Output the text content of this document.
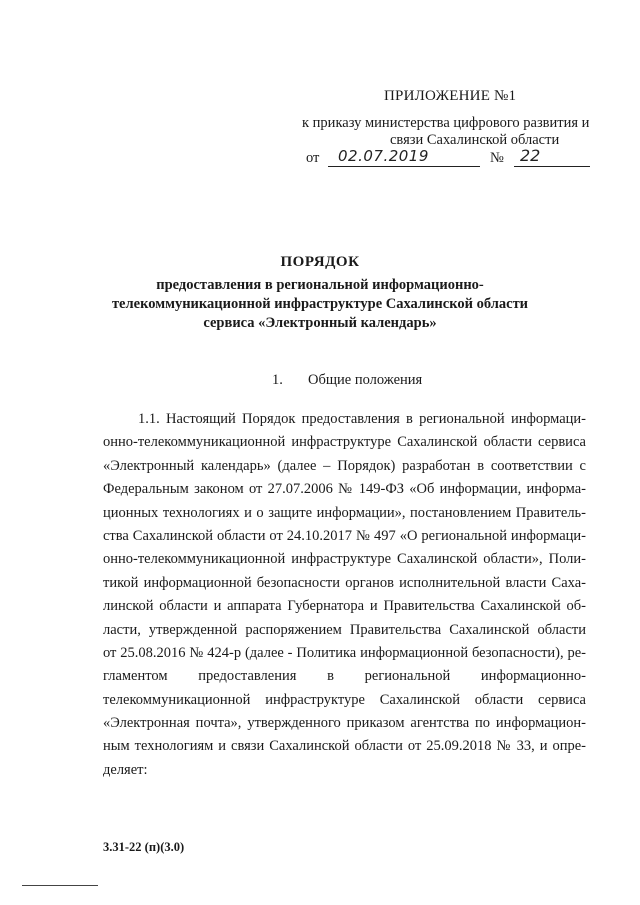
ПРИЛОЖЕНИЕ №1
к приказу министерства цифрового развития и
связи Сахалинской области
от 02.07.2019	№ 22
ПОРЯДОК
предоставления в региональной информационно-
телекоммуникационной инфраструктуре Сахалинской области
сервиса «Электронный календарь»
1. Общие положения
1.1. Настоящий Порядок предоставления в региональной информаци-
онно-телекоммуникационной инфраструктуре Сахалинской области сервиса
«Электронный календарь» (далее – Порядок) разработан в соответствии с
Федеральным законом от 27.07.2006 № 149-ФЗ «Об информации, информа-
ционных технологиях и о защите информации», постановлением Правитель-
ства Сахалинской области от 24.10.2017 № 497 «О региональной информаци-
онно-телекоммуникационной инфраструктуре Сахалинской области», Поли-
тикой информационной безопасности органов исполнительной власти Саха-
линской области и аппарата Губернатора и Правительства Сахалинской об-
ласти, утвержденной распоряжением Правительства Сахалинской области
от 25.08.2016 № 424-р (далее - Политика информационной безопасности), ре-
гламентом предоставления в региональной информационно-
телекоммуникационной инфраструктуре Сахалинской области сервиса
«Электронная почта», утвержденного приказом агентства по информацион-
ным технологиям и связи Сахалинской области от 25.09.2018 № 33, и опре-
деляет:
3.31-22 (п)(3.0)
